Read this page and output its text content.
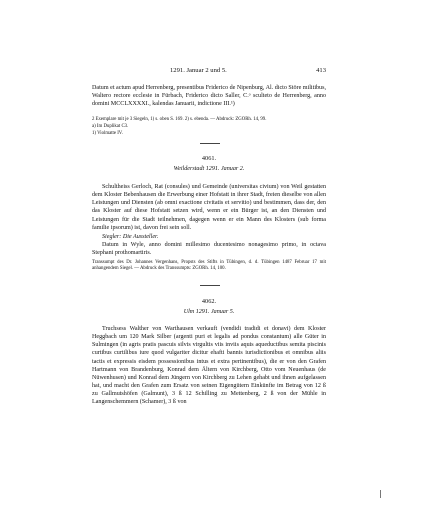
1291. Januar 2 und 5.	413

Datum et actum apud Herrenberg, presentibus Friderico de Nipenburg, Al. dicto Störe militibus, Waltero rectore ecclesie in Fürbach, Friderico dicto Saller, C.ᵒ sculteto de Herrenberg, anno domini MCCLXXXXI., kalendas Januarii, indictione III.¹)

2 Exemplare mit je 3 Siegeln, 1) s. oben S. 169. 2) s. ebenda. — Abdruck: ZGORh. 14, 99.

a) Im Duplikat C3.

1) Violmatte IV.

4061.

Weilderstadt 1291. Januar 2.

Schultheiss Gerloch, Rat (consules) und Gemeinde (universitas civium) von Weil gestatten dem Kloster Bebenhausen die Erwerbung einer Hofstatt in ihrer Stadt, freien dieselbe von allen Leistungen und Diensten (ab omni exactione civitatis et servitio) und bestimmen, dass der, den das Kloster auf diese Hofstatt setzen wird, wenn er ein Bürger ist, an den Diensten und Leistungen für die Stadt teilnehmen, dagegen wenn er ein Mann des Klosters (sub forma familie ipsorum) ist, davon frei sein soll.

Siegler: Die Aussteller.

Datum in Wyle, anno domini millesimo ducentesimo nonagesimo primo, in octava Stephani prothomartiris.

Transsumpt des Dr. Johannes Vergenhans, Propsts des Stifts in Tübingen, d. d. Tübingen 1487 Februar 17 mit anhangendem Siegel. — Abdruck des Transsumpts: ZGORh. 14, 100.

4062.

Ulm 1291. Januar 5.

Truchsess Walther von Warthausen verkauft (vendidi tradidi et donavi) dem Kloster Heggbach um 120 Mark Silber (argenti puri et legalis ad pondus constantum) alle Güter in Sulmingen (in agris pratis pascuis silvis virgultis viis inviis aquis aqueductibus semita piscinis curtibus curtilibus iure quod vulgariter dicitur ehafti bannis iurisdictionibus et omnibus aliis tactis et expressis eisdem possessionibus intus et extra pertinentibus), die er von den Grafen Hartmann von Brandenburg, Konrad dem Ältern von Kirchberg, Otto vom Neuenhaus (de Nüwenhusen) und Konrad dem Jüngern von Kirchberg zu Lehen gehabt und ihnen aufgelassen hat, und macht den Grafen zum Ersatz von seinen Eigengütern Einkünfte im Betrag von 12 ß zu Gallmutshöfen (Galmunt), 3 ß 12 Schilling zu Mettenberg, 2 ß von der Mühle in Langenschemmern (Schamer), 3 ß von
